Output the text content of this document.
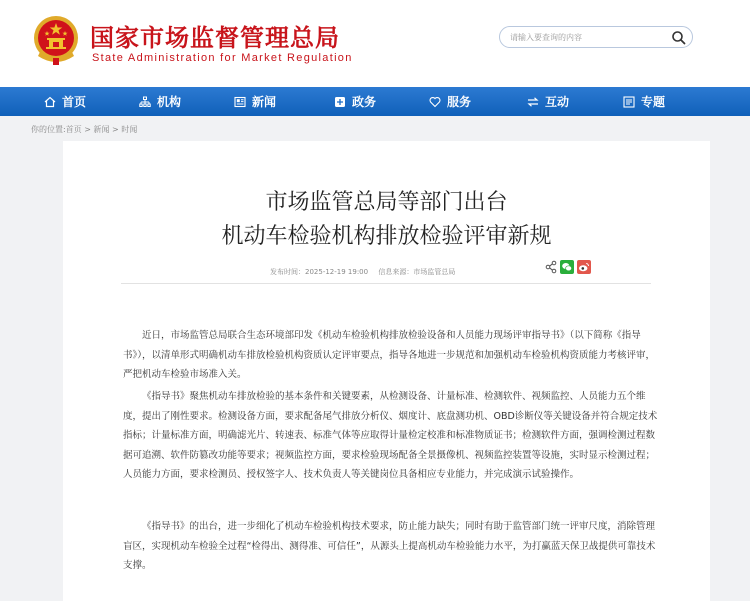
国家市场监督管理总局
State Administration for Market Regulation
请输入要查询的内容
首页	机构	新闻	政务	服务	互动	专题
你的位置:首页 > 新闻 > 时闻
市场监管总局等部门出台
机动车检验机构排放检验评审新规
发布时间：2025-12-19 19:00 信息来源：市场监管总局

近日，市场监管总局联合生态环境部印发《机动车检验机构排放检验设备和人员能力现场评审指导书》（以下简称《指导书》），以清单形式明确机动车排放检验机构资质认定评审要点，指导各地进一步规范和加强机动车检验机构资质能力考核评审，严把机动车检验市场准入关。

《指导书》聚焦机动车排放检验的基本条件和关键要素，从检测设备、计量标准、检测软件、视频监控、人员能力五个维度，提出了刚性要求。检测设备方面，要求配备尾气排放分析仪、烟度计、底盘测功机、OBD诊断仪等关键设备并符合规定技术指标；计量标准方面，明确滤光片、转速表、标准气体等应取得计量检定校准和标准物质证书；检测软件方面，强调检测过程数据可追溯、软件防篡改功能等要求；视频监控方面，要求检验现场配备全景摄像机、视频监控装置等设施，实时显示检测过程；人员能力方面，要求检测员、授权签字人、技术负责人等关键岗位具备相应专业能力，并完成演示试验操作。

《指导书》的出台，进一步细化了机动车检验机构技术要求，防止能力缺失；同时有助于监管部门统一评审尺度，消除管理盲区，实现机动车检验全过程“检得出、测得准、可信任”，从源头上提高机动车检验能力水平，为打赢蓝天保卫战提供可靠技术支撑。
